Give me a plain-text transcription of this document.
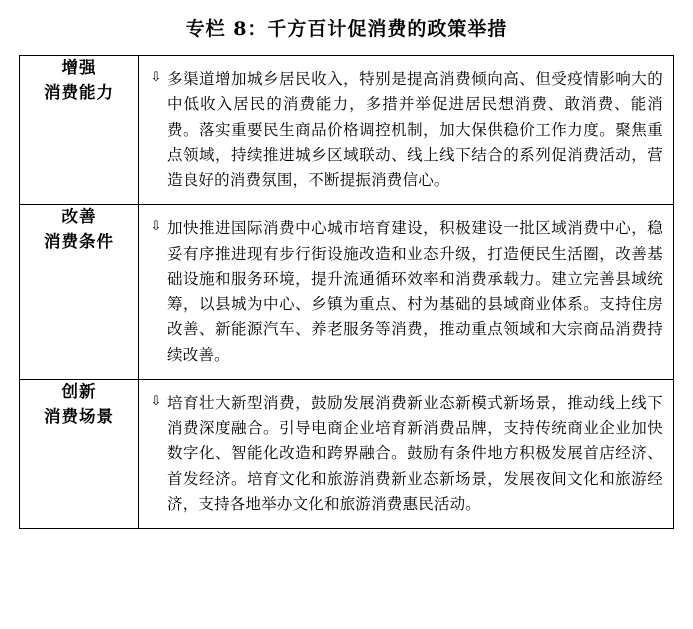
专栏 8：千方百计促消费的政策举措
增强
消费能力

⇩ 多渠道增加城乡居民收入，特别是提高消费倾向高、但受疫情影响大的中低收入居民的消费能力，多措并举促进居民想消费、敢消费、能消费。落实重要民生商品价格调控机制，加大保供稳价工作力度。聚焦重点领域，持续推进城乡区域联动、线上线下结合的系列促消费活动，营造良好的消费氛围，不断提振消费信心。

改善
消费条件

⇩ 加快推进国际消费中心城市培育建设，积极建设一批区域消费中心，稳妥有序推进现有步行街设施改造和业态升级，打造便民生活圈，改善基础设施和服务环境，提升流通循环效率和消费承载力。建立完善县域统筹，以县城为中心、乡镇为重点、村为基础的县域商业体系。支持住房改善、新能源汽车、养老服务等消费，推动重点领域和大宗商品消费持续改善。

创新
消费场景

⇩ 培育壮大新型消费，鼓励发展消费新业态新模式新场景，推动线上线下消费深度融合。引导电商企业培育新消费品牌，支持传统商业企业加快数字化、智能化改造和跨界融合。鼓励有条件地方积极发展首店经济、首发经济。培育文化和旅游消费新业态新场景，发展夜间文化和旅游经济，支持各地举办文化和旅游消费惠民活动。
